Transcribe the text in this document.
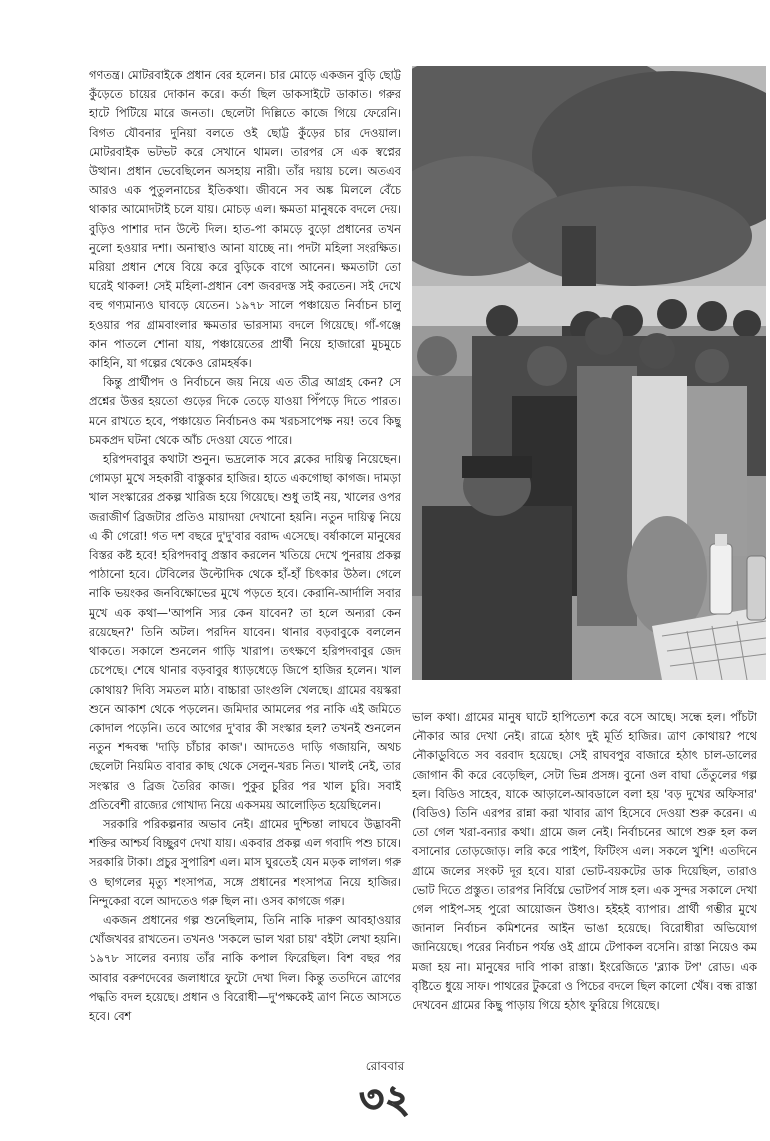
গণতন্ত্র। মোটরবাইকে প্রধান বের হলেন। চার মোড়ে একজন বুড়ি ছোট্ট কুঁড়েতে চায়ের দোকান করে। কর্তা ছিল ডাকসাইটে ডাকাত। গরুর হাটে পিটিয়ে মারে জনতা। ছেলেটা দিল্লিতে কাজে গিয়ে ফেরেনি। বিগত যৌবনার দুনিয়া বলতে ওই ছোট্ট কুঁড়ের চার দেওয়াল। মোটরবাইক ভটভট করে সেখানে থামল। তারপর সে এক স্বপ্নের উত্থান। প্রধান ভেবেছিলেন অসহায় নারী। তাঁর দয়ায় চলে। অতএব আরও এক পুতুলনাচের ইতিকথা। জীবনে সব অঙ্ক মিললে বেঁচে থাকার আমোদটাই চলে যায়। মোচড় এল। ক্ষমতা মানুষকে বদলে দেয়। বুড়িও পাশার দান উল্টে দিল। হাত-পা কামড়ে বুড়ো প্রধানের তখন নুলো হওয়ার দশা। অনাস্থাও আনা যাচ্ছে না। পদটা মহিলা সংরক্ষিত। মরিয়া প্রধান শেষে বিয়ে করে বুড়িকে বাগে আনেন। ক্ষমতাটা তো ঘরেই থাকল! সেই মহিলা-প্রধান বেশ জবরদস্ত সই করতেন। সই দেখে বহু গণ্যমান্যও ঘাবড়ে যেতেন। ১৯৭৮ সালে পঞ্চায়েত নির্বাচন চালু হওয়ার পর গ্রামবাংলার ক্ষমতার ভারসাম্য বদলে গিয়েছে। গাঁ-গঞ্জে কান পাতলে শোনা যায়, পঞ্চায়েতের প্রার্থী নিয়ে হাজারো মুচমুচে কাহিনি, যা গল্পের থেকেও রোমহর্ষক।

কিন্তু প্রার্থীপদ ও নির্বাচনে জয় নিয়ে এত তীব্র আগ্রহ কেন? সে প্রশ্নের উত্তর হয়তো গুড়ের দিকে তেড়ে যাওয়া পিঁপড়ে দিতে পারত। মনে রাখতে হবে, পঞ্চায়েত নির্বাচনও কম খরচসাপেক্ষ নয়! তবে কিছু চমকপ্রদ ঘটনা থেকে আঁচ দেওয়া যেতে পারে।

হরিপদবাবুর কথাটা শুনুন। ভদ্রলোক সবে ব্লকের দায়িত্ব নিয়েছেন। গোমড়া মুখে সহকারী বাস্তুকার হাজির। হাতে একগোছা কাগজ। দামড়া খাল সংস্কারের প্রকল্প খারিজ হয়ে গিয়েছে। শুধু তাই নয়, খালের ওপর জরাজীর্ণ ব্রিজটার প্রতিও মায়াদয়া দেখানো হয়নি। নতুন দায়িত্ব নিয়ে এ কী গেরো! গত দশ বছরে দু'দু'বার বরাদ্দ এসেছে। বর্ষাকালে মানুষের বিস্তর কষ্ট হবে! হরিপদবাবু প্রস্তাব করলেন খতিয়ে দেখে পুনরায় প্রকল্প পাঠানো হবে। টেবিলের উল্টোদিক থেকে হাঁ-হাঁ চিৎকার উঠল। গেলে নাকি ভয়ংকর জনবিক্ষোভের মুখে পড়তে হবে। কেরানি-আর্দালি সবার মুখে এক কথা—'আপনি স্যর কেন যাবেন? তা হলে অন্যরা কেন রয়েছেন?' তিনি অটল। পরদিন যাবেন। থানার বড়বাবুকে বললেন থাকতে। সকালে শুনলেন গাড়ি খারাপ। তৎক্ষণে হরিপদবাবুর জেদ চেপেছে। শেষে থানার বড়বাবুর ধ্যাড়ধেড়ে জিপে হাজির হলেন। খাল কোথায়? দিব্যি সমতল মাঠ। বাচ্চারা ডাংগুলি খেলছে। গ্রামের বয়স্করা শুনে আকাশ থেকে পড়লেন। জমিদার আমলের পর নাকি এই জমিতে কোদাল পড়েনি। তবে আগের দু'বার কী সংস্কার হল? তখনই শুনলেন নতুন শব্দবন্ধ 'দাড়ি চাঁচার কাজ'। আদতেও দাড়ি গজায়নি, অথচ ছেলেটা নিয়মিত বাবার কাছ থেকে সেলুন-খরচ নিত। খালই নেই, তার সংস্কার ও ব্রিজ তৈরির কাজ। পুকুর চুরির পর খাল চুরি। সবাই প্রতিবেশী রাজ্যের গোখাদ্য নিয়ে একসময় আলোড়িত হয়েছিলেন।

সরকারি পরিকল্পনার অভাব নেই। গ্রামের দুশ্চিন্তা লাঘবে উদ্ভাবনী শক্তির আশ্চর্য বিচ্ছুরণ দেখা যায়। একবার প্রকল্প এল গবাদি পশু চাষে। সরকারি টাকা। প্রচুর সুপারিশ এল। মাস ঘুরতেই যেন মড়ক লাগল। গরু ও ছাগলের মৃত্যু শংসাপত্র, সঙ্গে প্রধানের শংসাপত্র নিয়ে হাজির। নিন্দুকেরা বলে আদতেও গরু ছিল না। ওসব কাগজে গরু।

একজন প্রধানের গল্প শুনেছিলাম, তিনি নাকি দারুণ আবহাওয়ার খোঁজখবর রাখতেন। তখনও 'সকলে ভাল খরা চায়' বইটা লেখা হয়নি। ১৯৭৮ সালের বন্যায় তাঁর নাকি কপাল ফিরেছিল। বিশ বছর পর আবার বরুণদেবের জলাধারে ফুটো দেখা দিল। কিন্তু ততদিনে ত্রাণের পদ্ধতি বদল হয়েছে। প্রধান ও বিরোধী—দু'পক্ষকেই ত্রাণ নিতে আসতে হবে। বেশ

ভাল কথা। গ্রামের মানুষ ঘাটে হাপিত্যেশ করে বসে আছে। সন্ধে হল। পাঁচটা নৌকার আর দেখা নেই। রাত্রে হঠাৎ দুই মূর্তি হাজির। ত্রাণ কোথায়? পথে নৌকাডুবিতে সব বরবাদ হয়েছে। সেই রাঘবপুর বাজারে হঠাৎ চাল-ডালের জোগান কী করে বেড়েছিল, সেটা ভিন্ন প্রসঙ্গ। বুনো ওল বাঘা তেঁতুলের গল্প হল। বিডিও সাহেব, যাকে আড়ালে-আবডালে বলা হয় 'বড় দুখের অফিসার' (বিডিও) তিনি এরপর রান্না করা খাবার ত্রাণ হিসেবে দেওয়া শুরু করেন। এ তো গেল খরা-বন্যার কথা। গ্রামে জল নেই। নির্বাচনের আগে শুরু হল কল বসানোর তোড়জোড়। লরি করে পাইপ, ফিটিংস এল। সকলে খুশি! এতদিনে গ্রামে জলের সংকট দূর হবে। যারা ভোট-বয়কটের ডাক দিয়েছিল, তারাও ভোট দিতে প্রস্তুত। তারপর নির্বিঘ্নে ভোটপর্ব সাঙ্গ হল। এক সুন্দর সকালে দেখা গেল পাইপ-সহ পুরো আয়োজন উধাও। হইহই ব্যাপার। প্রার্থী গম্ভীর মুখে জানাল নির্বাচন কমিশনের আইন ভাঙা হয়েছে। বিরোধীরা অভিযোগ জানিয়েছে। পরের নির্বাচন পর্যন্ত ওই গ্রামে টেপাকল বসেনি। রাস্তা নিয়েও কম মজা হয় না। মানুষের দাবি পাকা রাস্তা। ইংরেজিতে 'ব্ল্যাক টপ' রোড। এক বৃষ্টিতে ধুয়ে সাফ। পাথরের টুকরো ও পিচের বদলে ছিল কালো খেঁষ। বন্ধ রাস্তা দেখবেন গ্রামের কিছু পাড়ায় গিয়ে হঠাৎ ফুরিয়ে গিয়েছে।

রোববার
৩২
